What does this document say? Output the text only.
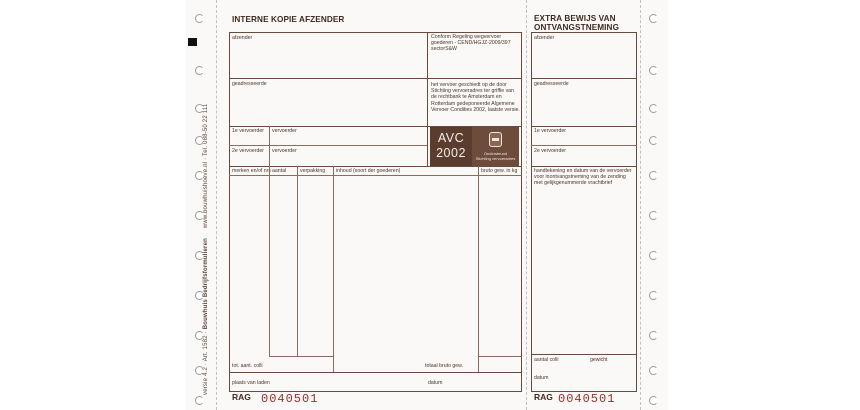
versie 4.2 · Art. 1582 · Bouwhuis Bedrijfsformulieren www.bouwhuishoeve.nl · Tel. 088-50 22 111
INTERNE KOPIE AFZENDER
afzender	Conform Regeling wegvervoer goederen - CEND/HGJZ-2009/397 sectorS&W
geadresseerde	het vervoer geschiedt op de door Stichting vervoeradres ter griffie van de rechtbank te Amsterdam en Rotterdam gedeponeerde Algemene Vervoer Condities 2002, laatste versie.
1e vervoerder vervoerder
2e vervoerder vervoerder
AVC
2002	Ondersteund
Stichting vervoeradres
merken en/of nrs aantal	verpakking inhoud (soort der goederen)	bruto gew. in kg
tot. aant. colli	totaal bruto gew.
plaats van laden	datum
RAG 0040501
EXTRA BEWIJS VAN
ONTVANGSTNEMING
afzender
geadresseerde
1e vervoerder
2e vervoerder
handtekening en datum van de vervoerder voor inontvangstneming van de zending met gelijkgenummerde vrachtbrief
aantal colli	gewicht
datum
RAG 0040501
